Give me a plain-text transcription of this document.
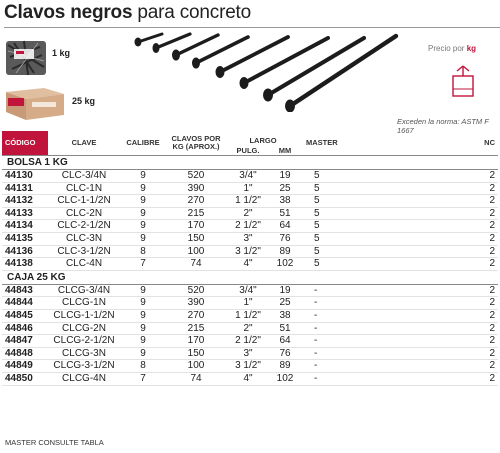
Clavos negros para concreto
1 kg
25 kg
Precio por kg
Exceden la norma: ASTM F 1667
CÓDIGO	CLAVE	CALIBRE	CLAVOS POR
KG (APROX.)	LARGO		MASTER	NC
				PULG.	MM		
BOLSA 1 KG							
44130	CLC-3/4N	9	520	3/4"	19	5	2
44131	CLC-1N	9	390	1"	25	5	2
44132	CLC-1-1/2N	9	270	1 1/2"	38	5	2
44133	CLC-2N	9	215	2"	51	5	2
44134	CLC-2-1/2N	9	170	2 1/2"	64	5	2
44135	CLC-3N	9	150	3"	76	5	2
44136	CLC-3-1/2N	8	100	3 1/2"	89	5	2
44138	CLC-4N	7	74	4"	102	5	2
CAJA 25 KG							
44843	CLCG-3/4N	9	520	3/4"	19	-	2
44844	CLCG-1N	9	390	1"	25	-	2
44845	CLCG-1-1/2N	9	270	1 1/2"	38	-	2
44846	CLCG-2N	9	215	2"	51	-	2
44847	CLCG-2-1/2N	9	170	2 1/2"	64	-	2
44848	CLCG-3N	9	150	3"	76	-	2
44849	CLCG-3-1/2N	8	100	3 1/2"	89	-	2
44850	CLCG-4N	7	74	4"	102	-	2
MASTER CONSULTE TABLA
